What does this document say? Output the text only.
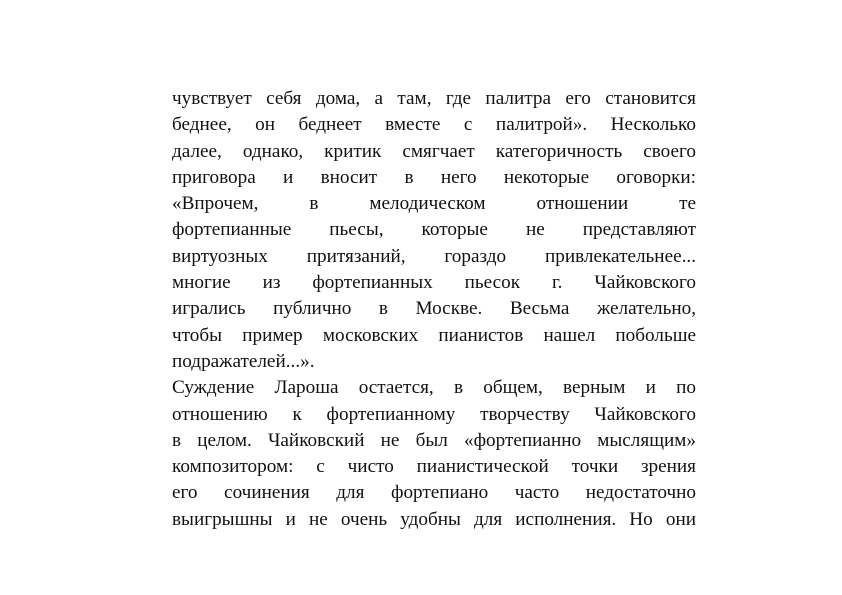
чувствует себя дома, а там, где палитра его становится
беднее, он беднеет вместе с палитрой». Несколько
далее, однако, критик смягчает категоричность своего
приговора и вносит в него некоторые оговорки:
«Впрочем, в мелодическом отношении те
фортепианные пьесы, которые не представляют
виртуозных притязаний, гораздо привлекательнее...
многие из фортепианных пьесок г. Чайковского
игрались публично в Москве. Весьма желательно,
чтобы пример московских пианистов нашел побольше
подражателей...».
Суждение Лароша остается, в общем, верным и по
отношению к фортепианному творчеству Чайковского
в целом. Чайковский не был «фортепианно мыслящим»
композитором: с чисто пианистической точки зрения
его сочинения для фортепиано часто недостаточно
выигрышны и не очень удобны для исполнения. Но они
